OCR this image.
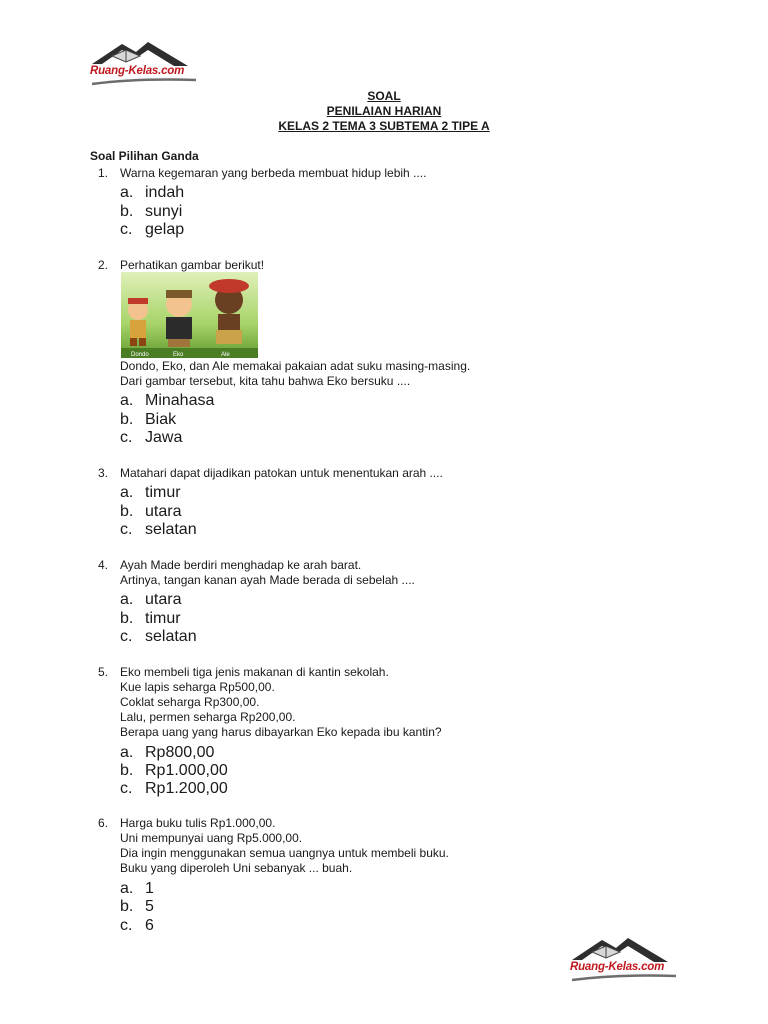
Ruang-Kelas.com
SOAL
PENILAIAN HARIAN
KELAS 2 TEMA 3 SUBTEMA 2 TIPE A
Soal Pilihan Ganda
1. Warna kegemaran yang berbeda membuat hidup lebih ....
a. indah
b. sunyi
c. gelap
2. Perhatikan gambar berikut!
Dondo	Eko	Ale
Dondo, Eko, dan Ale memakai pakaian adat suku masing-masing.
Dari gambar tersebut, kita tahu bahwa Eko bersuku ....
a. Minahasa
b. Biak
c. Jawa
3. Matahari dapat dijadikan patokan untuk menentukan arah ....
a. timur
b. utara
c. selatan
4. Ayah Made berdiri menghadap ke arah barat.
Artinya, tangan kanan ayah Made berada di sebelah ....
a. utara
b. timur
c. selatan
5. Eko membeli tiga jenis makanan di kantin sekolah.
Kue lapis seharga Rp500,00.
Coklat seharga Rp300,00.
Lalu, permen seharga Rp200,00.
Berapa uang yang harus dibayarkan Eko kepada ibu kantin?
a. Rp800,00
b. Rp1.000,00
c. Rp1.200,00
6. Harga buku tulis Rp1.000,00.
Uni mempunyai uang Rp5.000,00.
Dia ingin menggunakan semua uangnya untuk membeli buku.
Buku yang diperoleh Uni sebanyak ... buah.
a. 1
b. 5
c. 6
Ruang-Kelas.com
